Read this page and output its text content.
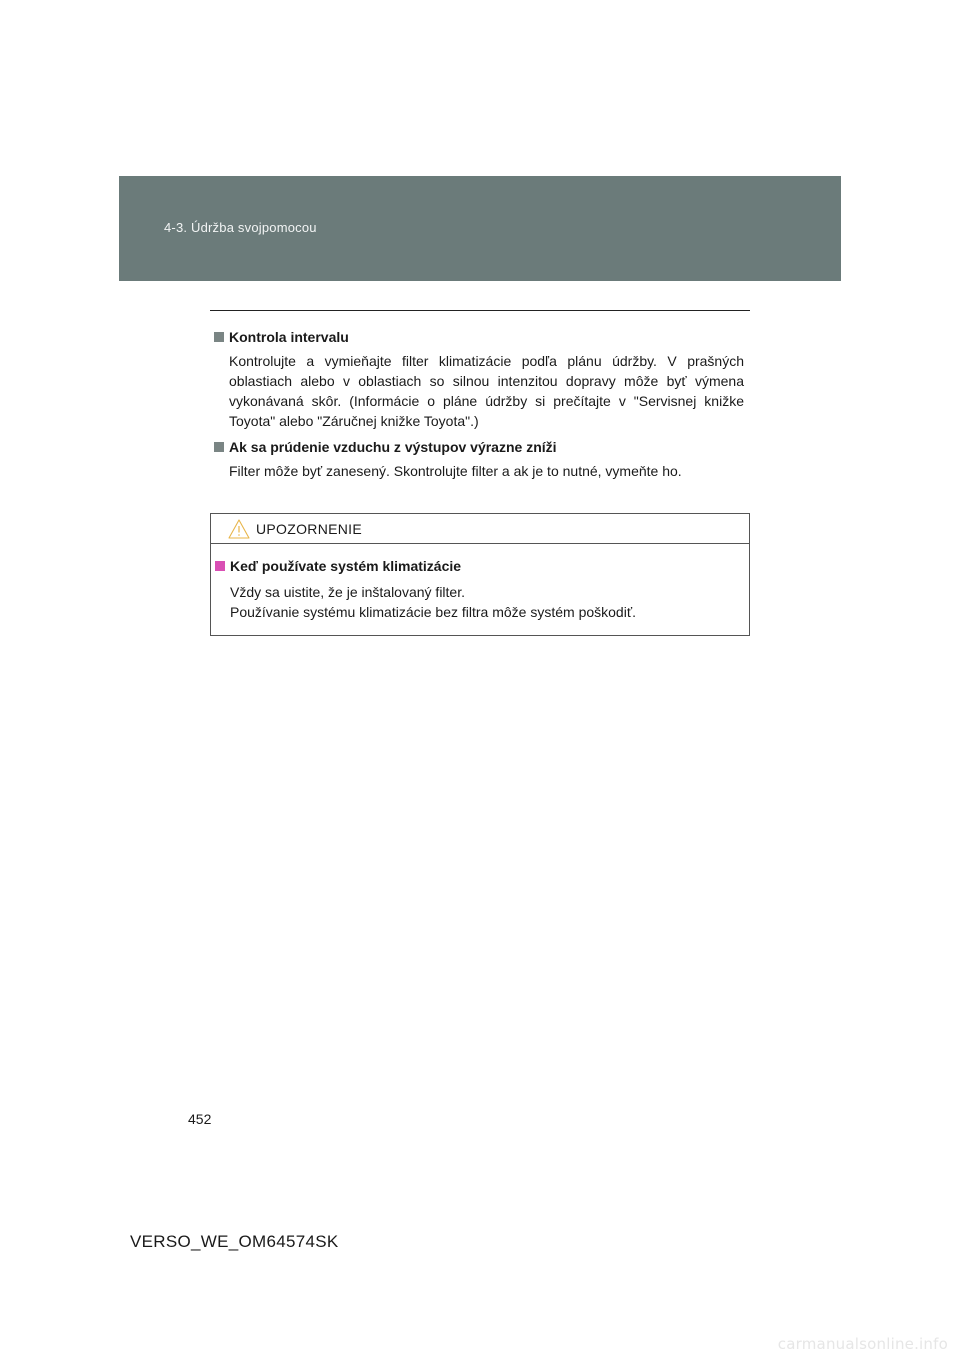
4-3. Údržba svojpomocou

Kontrola intervalu

Kontrolujte a vymieňajte filter klimatizácie podľa plánu údržby. V prašných oblastiach alebo v oblastiach so silnou intenzitou dopravy môže byť výmena vykonávaná skôr. (Informácie o pláne údržby si prečítajte v "Servisnej knižke Toyota" alebo "Záručnej knižke Toyota".)

Ak sa prúdenie vzduchu z výstupov výrazne zníži

Filter môže byť zanesený. Skontrolujte filter a ak je to nutné, vymeňte ho.

UPOZORNENIE

Keď používate systém klimatizácie

Vždy sa uistite, že je inštalovaný filter.
Používanie systému klimatizácie bez filtra môže systém poškodiť.

452
VERSO_WE_OM64574SK
carmanualsonline.info
